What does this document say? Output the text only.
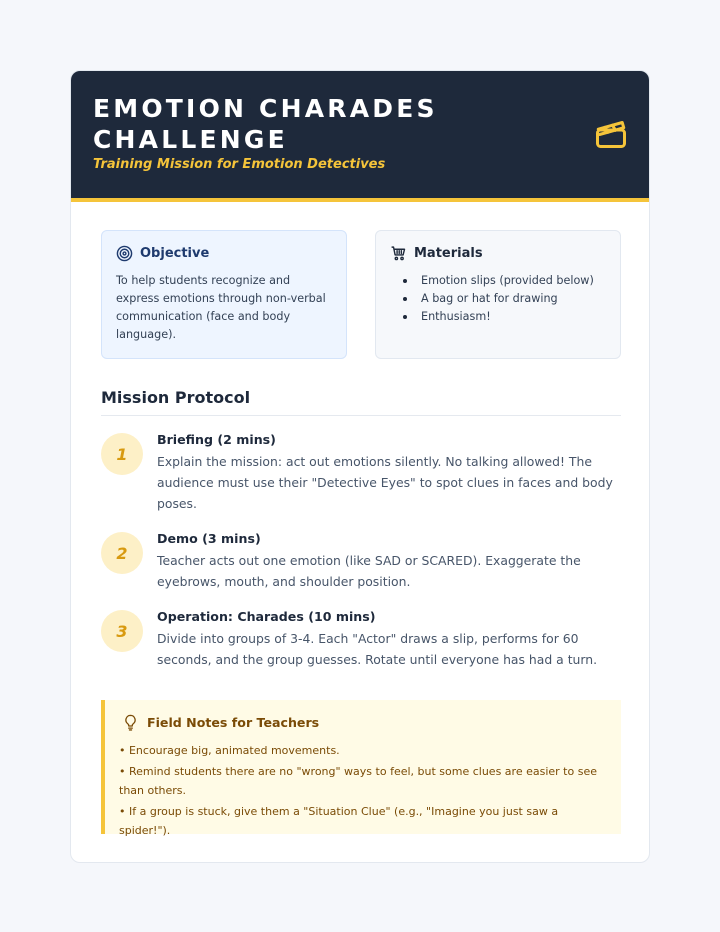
EMOTION CHARADES CHALLENGE
Training Mission for Emotion Detectives
Objective

To help students recognize and express emotions through non-verbal communication (face and body language).

Materials
Emotion slips (provided below)
A bag or hat for drawing
Enthusiasm!
Mission Protocol
1
Briefing (2 mins)
Explain the mission: act out emotions silently. No talking allowed! The audience must use their "Detective Eyes" to spot clues in faces and body poses.
2
Demo (3 mins)
Teacher acts out one emotion (like SAD or SCARED). Exaggerate the eyebrows, mouth, and shoulder position.
3
Operation: Charades (10 mins)
Divide into groups of 3-4. Each "Actor" draws a slip, performs for 60 seconds, and the group guesses. Rotate until everyone has had a turn.
Field Notes for Teachers
• Encourage big, animated movements.
• Remind students there are no "wrong" ways to feel, but some clues are easier to see than others.
• If a group is stuck, give them a "Situation Clue" (e.g., "Imagine you just saw a spider!").
